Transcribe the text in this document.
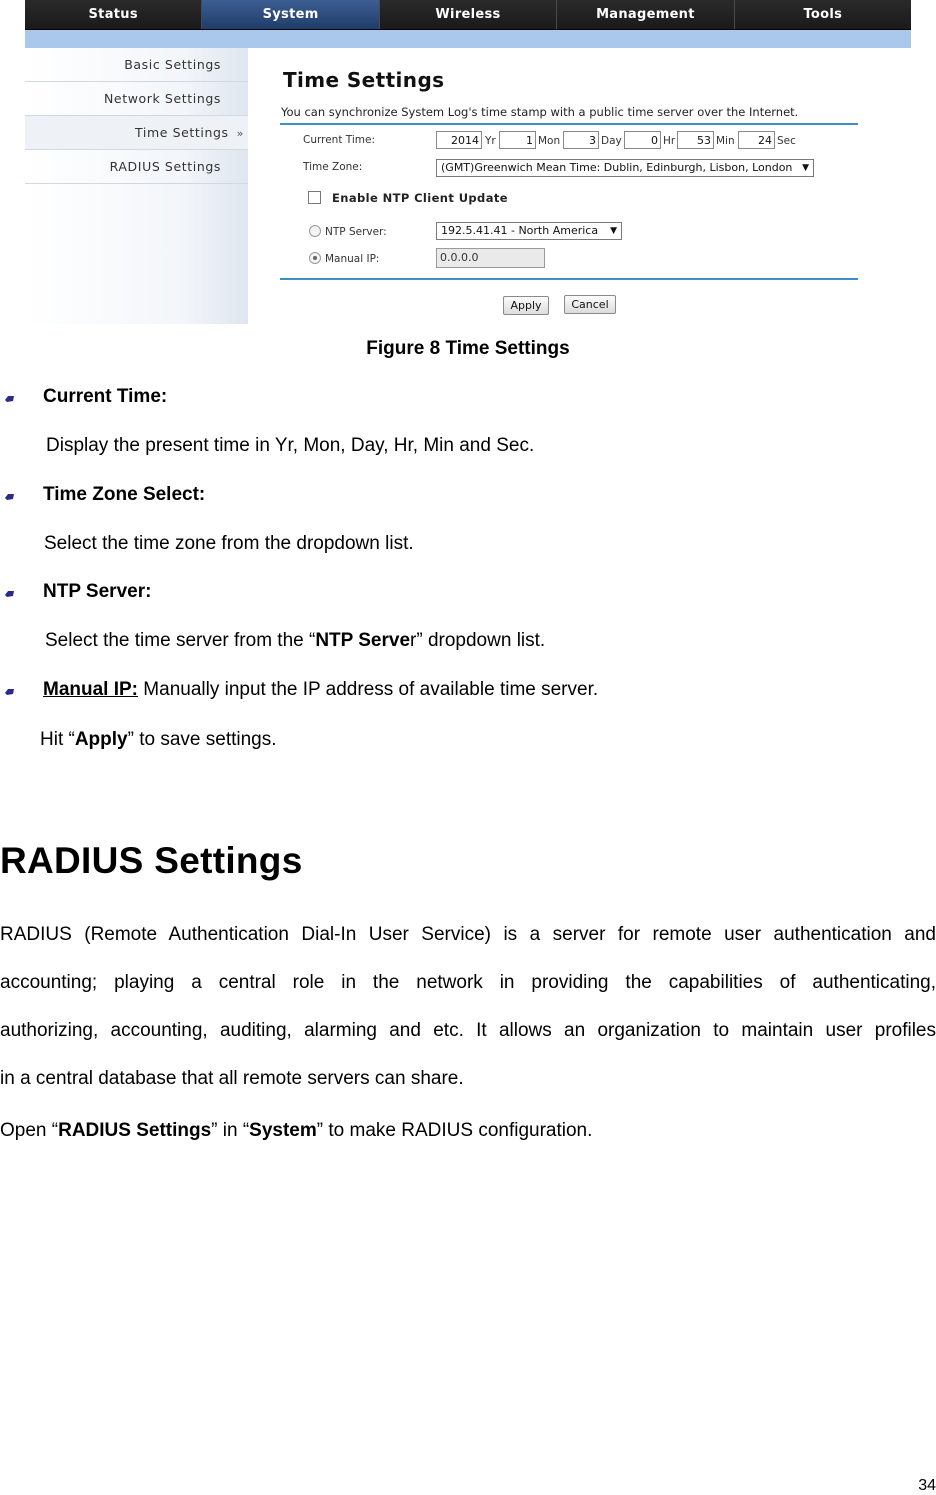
Status	System	Wireless	Management	Tools
Basic Settings
Network Settings
Time Settings »
RADIUS Settings
Time Settings
You can synchronize System Log's time stamp with a public time server over the Internet.
Current Time:	2014 Yr	1 Mon	3 Day	0 Hr	53 Min	24 Sec
Time Zone:	(GMT)Greenwich Mean Time: Dublin, Edinburgh, Lisbon, London ▼
Enable NTP Client Update
NTP Server:	192.5.41.41 - North America ▼
Manual IP:	0.0.0.0
Apply	Cancel
Figure 8 Time Settings
Current Time:
Display the present time in Yr, Mon, Day, Hr, Min and Sec.
Time Zone Select:
Select the time zone from the dropdown list.
NTP Server:
Select the time server from the “NTP Server” dropdown list.
Manual IP: Manually input the IP address of available time server.
Hit “Apply” to save settings.
RADIUS Settings
RADIUS (Remote Authentication Dial-In User Service) is a server for remote user authentication and
accounting; playing a central role in the network in providing the capabilities of authenticating,
authorizing, accounting, auditing, alarming and etc. It allows an organization to maintain user profiles
in a central database that all remote servers can share.
Open “RADIUS Settings” in “System” to make RADIUS configuration.
34
